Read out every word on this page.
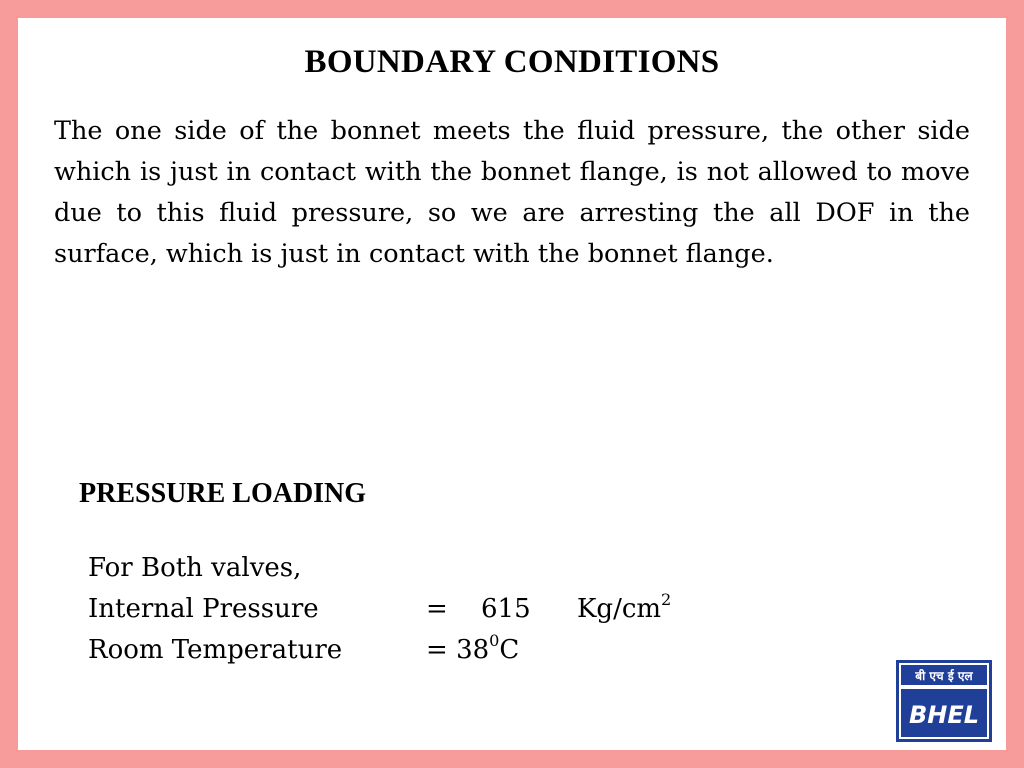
BOUNDARY CONDITIONS

The one side of the bonnet meets the fluid pressure, the other side which is just in contact with the bonnet flange, is not allowed to move due to this fluid pressure, so we are arresting the all DOF in the surface, which is just in contact with the bonnet flange.

PRESSURE LOADING
For Both valves,
Internal Pressure	= 615 $Kg/cm^2$
Room Temperature	= $38^0C$
बी एच ई एल
BHEL
